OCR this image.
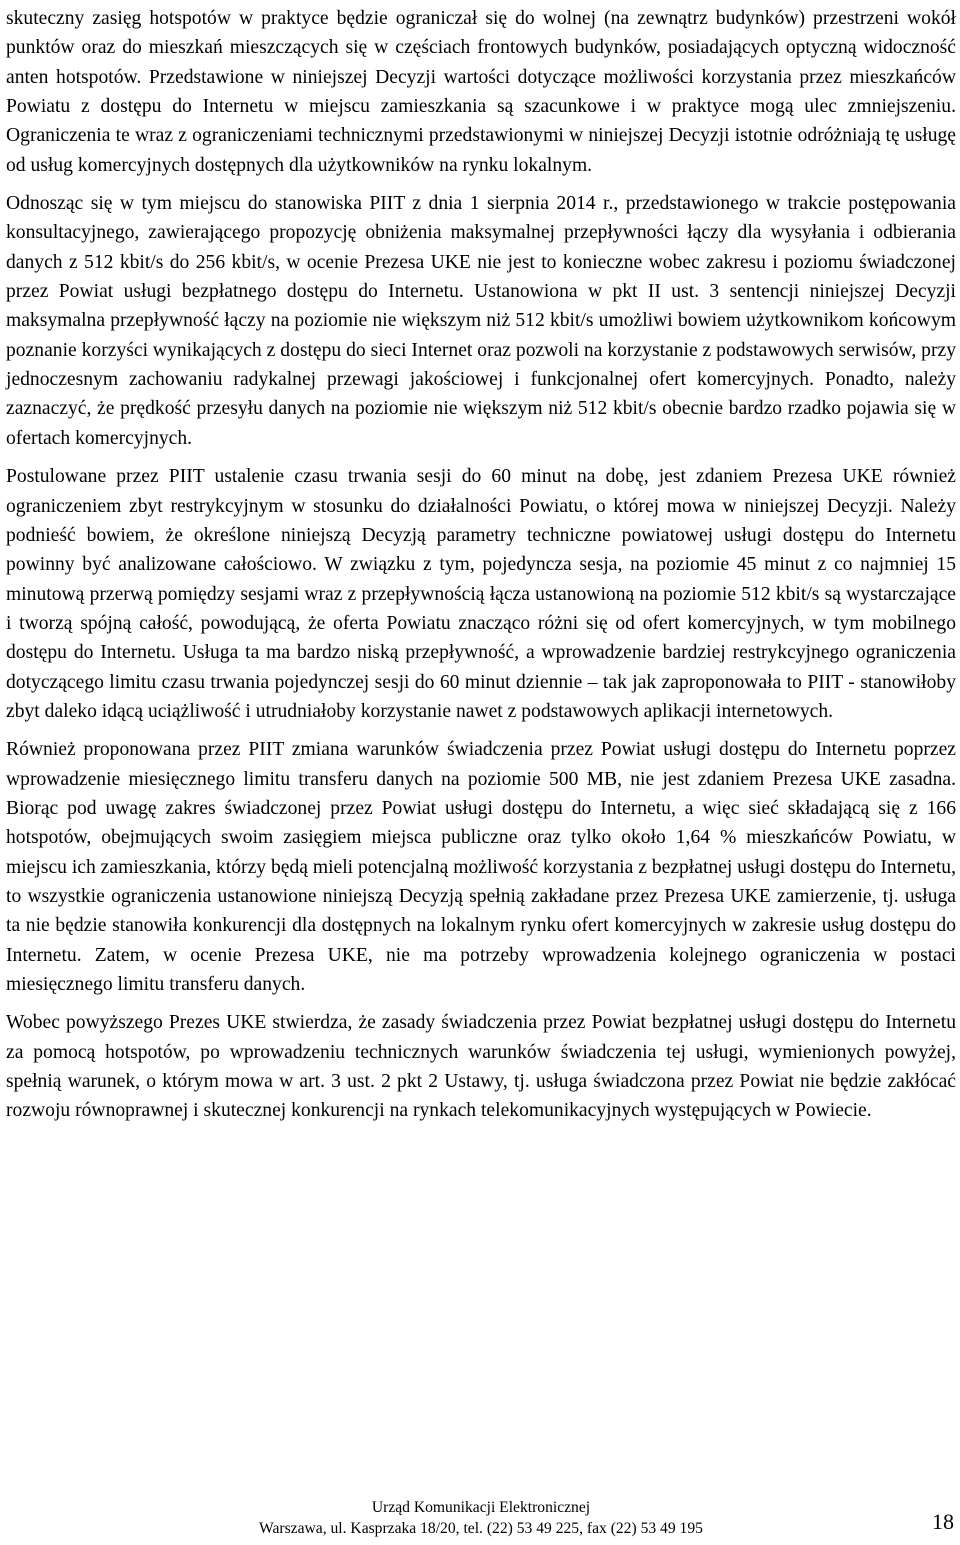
skuteczny zasięg hotspotów w praktyce będzie ograniczał się do wolnej (na zewnątrz budynków) przestrzeni wokół punktów oraz do mieszkań mieszczących się w częściach frontowych budynków, posiadających optyczną widoczność anten hotspotów. Przedstawione w niniejszej Decyzji wartości dotyczące możliwości korzystania przez mieszkańców Powiatu z dostępu do Internetu w miejscu zamieszkania są szacunkowe i w praktyce mogą ulec zmniejszeniu. Ograniczenia te wraz z ograniczeniami technicznymi przedstawionymi w niniejszej Decyzji istotnie odróżniają tę usługę od usług komercyjnych dostępnych dla użytkowników na rynku lokalnym.

Odnosząc się w tym miejscu do stanowiska PIIT z dnia 1 sierpnia 2014 r., przedstawionego w trakcie postępowania konsultacyjnego, zawierającego propozycję obniżenia maksymalnej przepływności łączy dla wysyłania i odbierania danych z 512 kbit/s do 256 kbit/s, w ocenie Prezesa UKE nie jest to konieczne wobec zakresu i poziomu świadczonej przez Powiat usługi bezpłatnego dostępu do Internetu. Ustanowiona w pkt II ust. 3 sentencji niniejszej Decyzji maksymalna przepływność łączy na poziomie nie większym niż 512 kbit/s umożliwi bowiem użytkownikom końcowym poznanie korzyści wynikających z dostępu do sieci Internet oraz pozwoli na korzystanie z podstawowych serwisów, przy jednoczesnym zachowaniu radykalnej przewagi jakościowej i funkcjonalnej ofert komercyjnych. Ponadto, należy zaznaczyć, że prędkość przesyłu danych na poziomie nie większym niż 512 kbit/s obecnie bardzo rzadko pojawia się w ofertach komercyjnych.

Postulowane przez PIIT ustalenie czasu trwania sesji do 60 minut na dobę, jest zdaniem Prezesa UKE również ograniczeniem zbyt restrykcyjnym w stosunku do działalności Powiatu, o której mowa w niniejszej Decyzji. Należy podnieść bowiem, że określone niniejszą Decyzją parametry techniczne powiatowej usługi dostępu do Internetu powinny być analizowane całościowo. W związku z tym, pojedyncza sesja, na poziomie 45 minut z co najmniej 15 minutową przerwą pomiędzy sesjami wraz z przepływnością łącza ustanowioną na poziomie 512 kbit/s są wystarczające i tworzą spójną całość, powodującą, że oferta Powiatu znacząco różni się od ofert komercyjnych, w tym mobilnego dostępu do Internetu. Usługa ta ma bardzo niską przepływność, a wprowadzenie bardziej restrykcyjnego ograniczenia dotyczącego limitu czasu trwania pojedynczej sesji do 60 minut dziennie – tak jak zaproponowała to PIIT - stanowiłoby zbyt daleko idącą uciążliwość i utrudniałoby korzystanie nawet z podstawowych aplikacji internetowych.

Również proponowana przez PIIT zmiana warunków świadczenia przez Powiat usługi dostępu do Internetu poprzez wprowadzenie miesięcznego limitu transferu danych na poziomie 500 MB, nie jest zdaniem Prezesa UKE zasadna. Biorąc pod uwagę zakres świadczonej przez Powiat usługi dostępu do Internetu, a więc sieć składającą się z 166 hotspotów, obejmujących swoim zasięgiem miejsca publiczne oraz tylko około 1,64 % mieszkańców Powiatu, w miejscu ich zamieszkania, którzy będą mieli potencjalną możliwość korzystania z bezpłatnej usługi dostępu do Internetu, to wszystkie ograniczenia ustanowione niniejszą Decyzją spełnią zakładane przez Prezesa UKE zamierzenie, tj. usługa ta nie będzie stanowiła konkurencji dla dostępnych na lokalnym rynku ofert komercyjnych w zakresie usług dostępu do Internetu. Zatem, w ocenie Prezesa UKE, nie ma potrzeby wprowadzenia kolejnego ograniczenia w postaci miesięcznego limitu transferu danych.

Wobec powyższego Prezes UKE stwierdza, że zasady świadczenia przez Powiat bezpłatnej usługi dostępu do Internetu za pomocą hotspotów, po wprowadzeniu technicznych warunków świadczenia tej usługi, wymienionych powyżej, spełnią warunek, o którym mowa w art. 3 ust. 2 pkt 2 Ustawy, tj. usługa świadczona przez Powiat nie będzie zakłócać rozwoju równoprawnej i skutecznej konkurencji na rynkach telekomunikacyjnych występujących w Powiecie.

Urząd Komunikacji Elektronicznej
Warszawa, ul. Kasprzaka 18/20, tel. (22) 53 49 225, fax (22) 53 49 195	18
